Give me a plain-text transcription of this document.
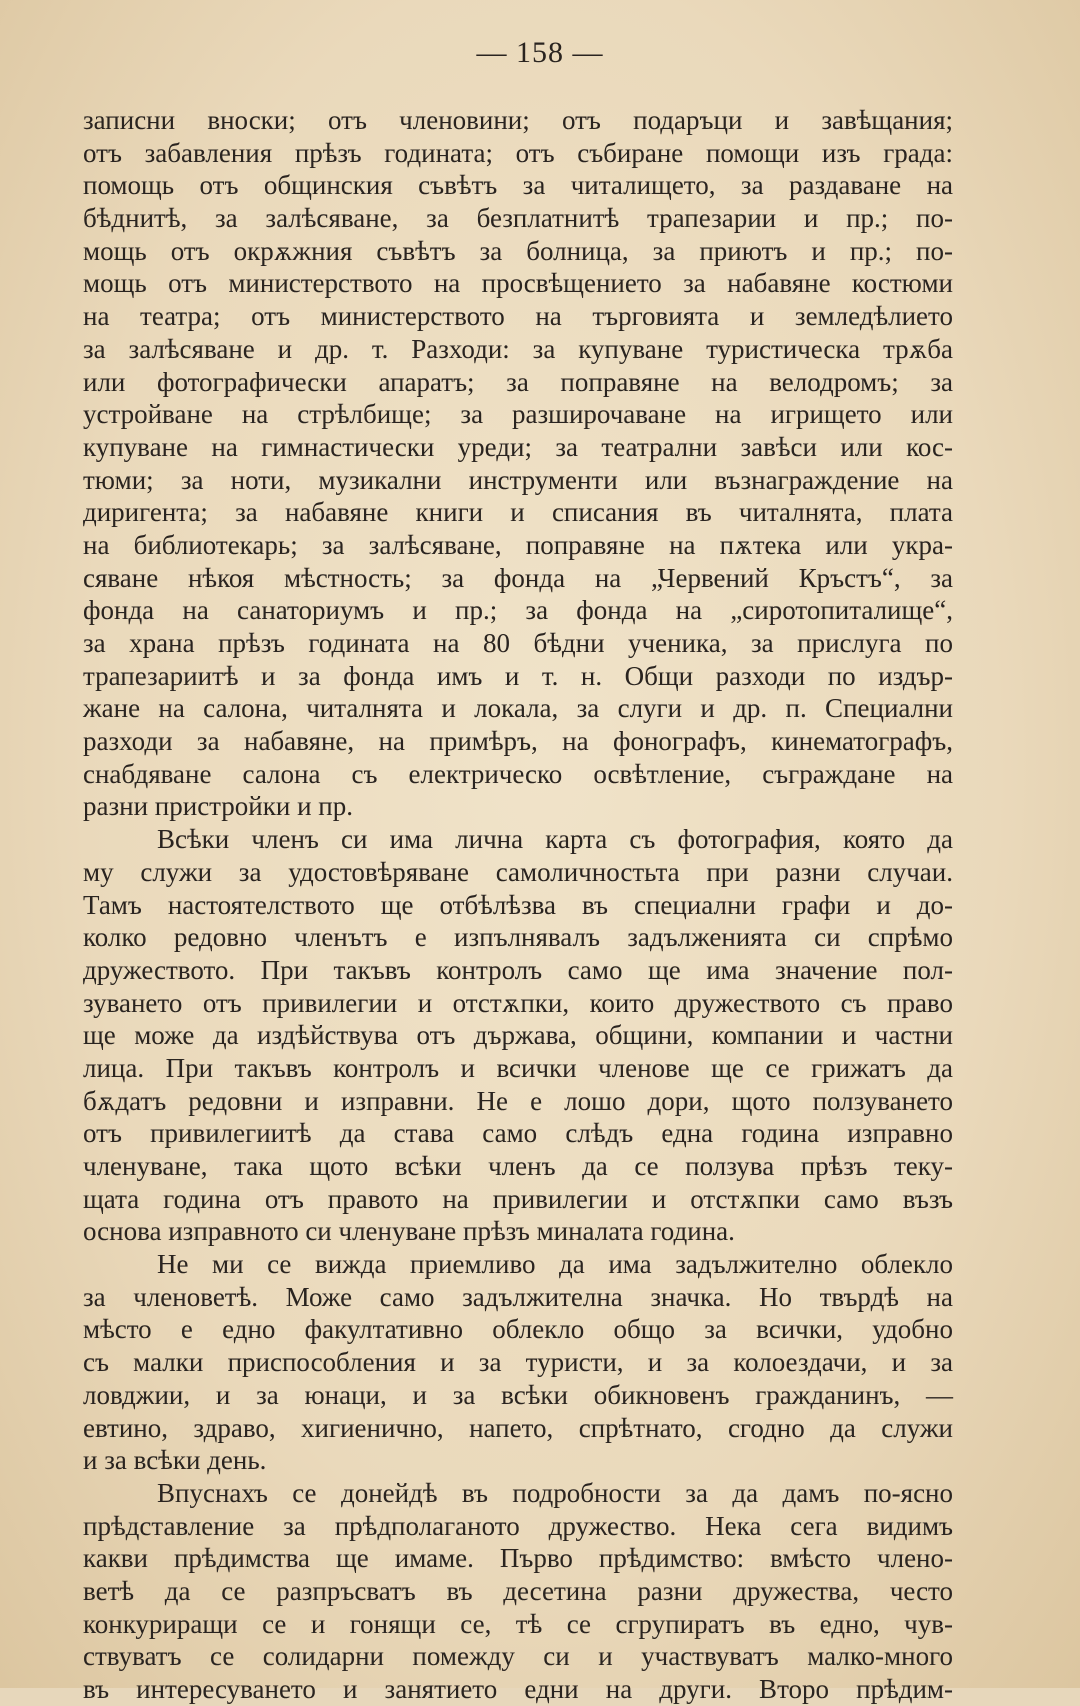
— 158 —

записни вноски; отъ членовини; отъ подаръци и завѣщания;
отъ забавления прѣзъ годината; отъ събиране помощи изъ града:
помощь отъ общинския съвѣтъ за читалището, за раздаване на
бѣднитѣ, за залѣсяване, за безплатнитѣ трапезарии и пр.; по-
мощь отъ окрѫжния съвѣтъ за болница, за приютъ и пр.; по-
мощь отъ министерството на просвѣщението за набавяне костюми
на театра; отъ министерството на търговията и земледѣлието
за залѣсяване и др. т. Разходи: за купуване туристическа трѫба
или фотографически апаратъ; за поправяне на велодромъ; за
устройване на стрѣлбище; за разширочаване на игрището или
купуване на гимнастически уреди; за театрални завѣси или кос-
тюми; за ноти, музикални инструменти или възнаграждение на
диригента; за набавяне книги и списания въ читалнята, плата
на библиотекарь; за залѣсяване, поправяне на пѫтека или укра-
сяване нѣкоя мѣстность; за фонда на „Червений Кръстъ“, за
фонда на санаториумъ и пр.; за фонда на „сиротопиталище“,
за храна прѣзъ годината на 80 бѣдни ученика, за прислуга по
трапезариитѣ и за фонда имъ и т. н. Общи разходи по издър-
жане на салона, читалнята и локала, за слуги и др. п. Специални
разходи за набавяне, на примѣръ, на фонографъ, кинематографъ,
снабдяване салона съ електрическо освѣтление, съграждане на
разни пристройки и пр.

Всѣки членъ си има лична карта съ фотография, която да
му служи за удостовѣряване самоличностьта при разни случаи.
Тамъ настоятелството ще отбѣлѣзва въ специални графи и до-
колко редовно членътъ е изпълнявалъ задълженията си спрѣмо
дружеството. При такъвъ контролъ само ще има значение пол-
зуването отъ привилегии и отстѫпки, които дружеството съ право
ще може да издѣйствува отъ държава, общини, компании и частни
лица. При такъвъ контролъ и всички членове ще се грижатъ да
бѫдатъ редовни и изправни. Не е лошо дори, щото ползуването
отъ привилегиитѣ да става само слѣдъ една година изправно
членуване, така щото всѣки членъ да се ползува прѣзъ теку-
щата година отъ правото на привилегии и отстѫпки само възъ
основа изправното си членуване прѣзъ миналата година.

Не ми се вижда приемливо да има задължително облекло
за членоветѣ. Може само задължителна значка. Но твърдѣ на
мѣсто е едно факултативно облекло общо за всички, удобно
съ малки приспособления и за туристи, и за колоездачи, и за
ловджии, и за юнаци, и за всѣки обикновенъ гражданинъ, —
евтино, здраво, хигиенично, напето, спрѣтнато, сгодно да служи
и за всѣки день.

Впуснахъ се донейдѣ въ подробности за да дамъ по-ясно
прѣдставление за прѣдполаганото дружество. Нека сега видимъ
какви прѣдимства ще имаме. Първо прѣдимство: вмѣсто члено-
ветѣ да се разпръсватъ въ десетина разни дружества, често
конкуриращи се и гонящи се, тѣ се сгрупиратъ въ едно, чув-
ствуватъ се солидарни помежду си и участвуватъ малко-много
въ интересуването и занятието едни на други. Второ прѣдим-
